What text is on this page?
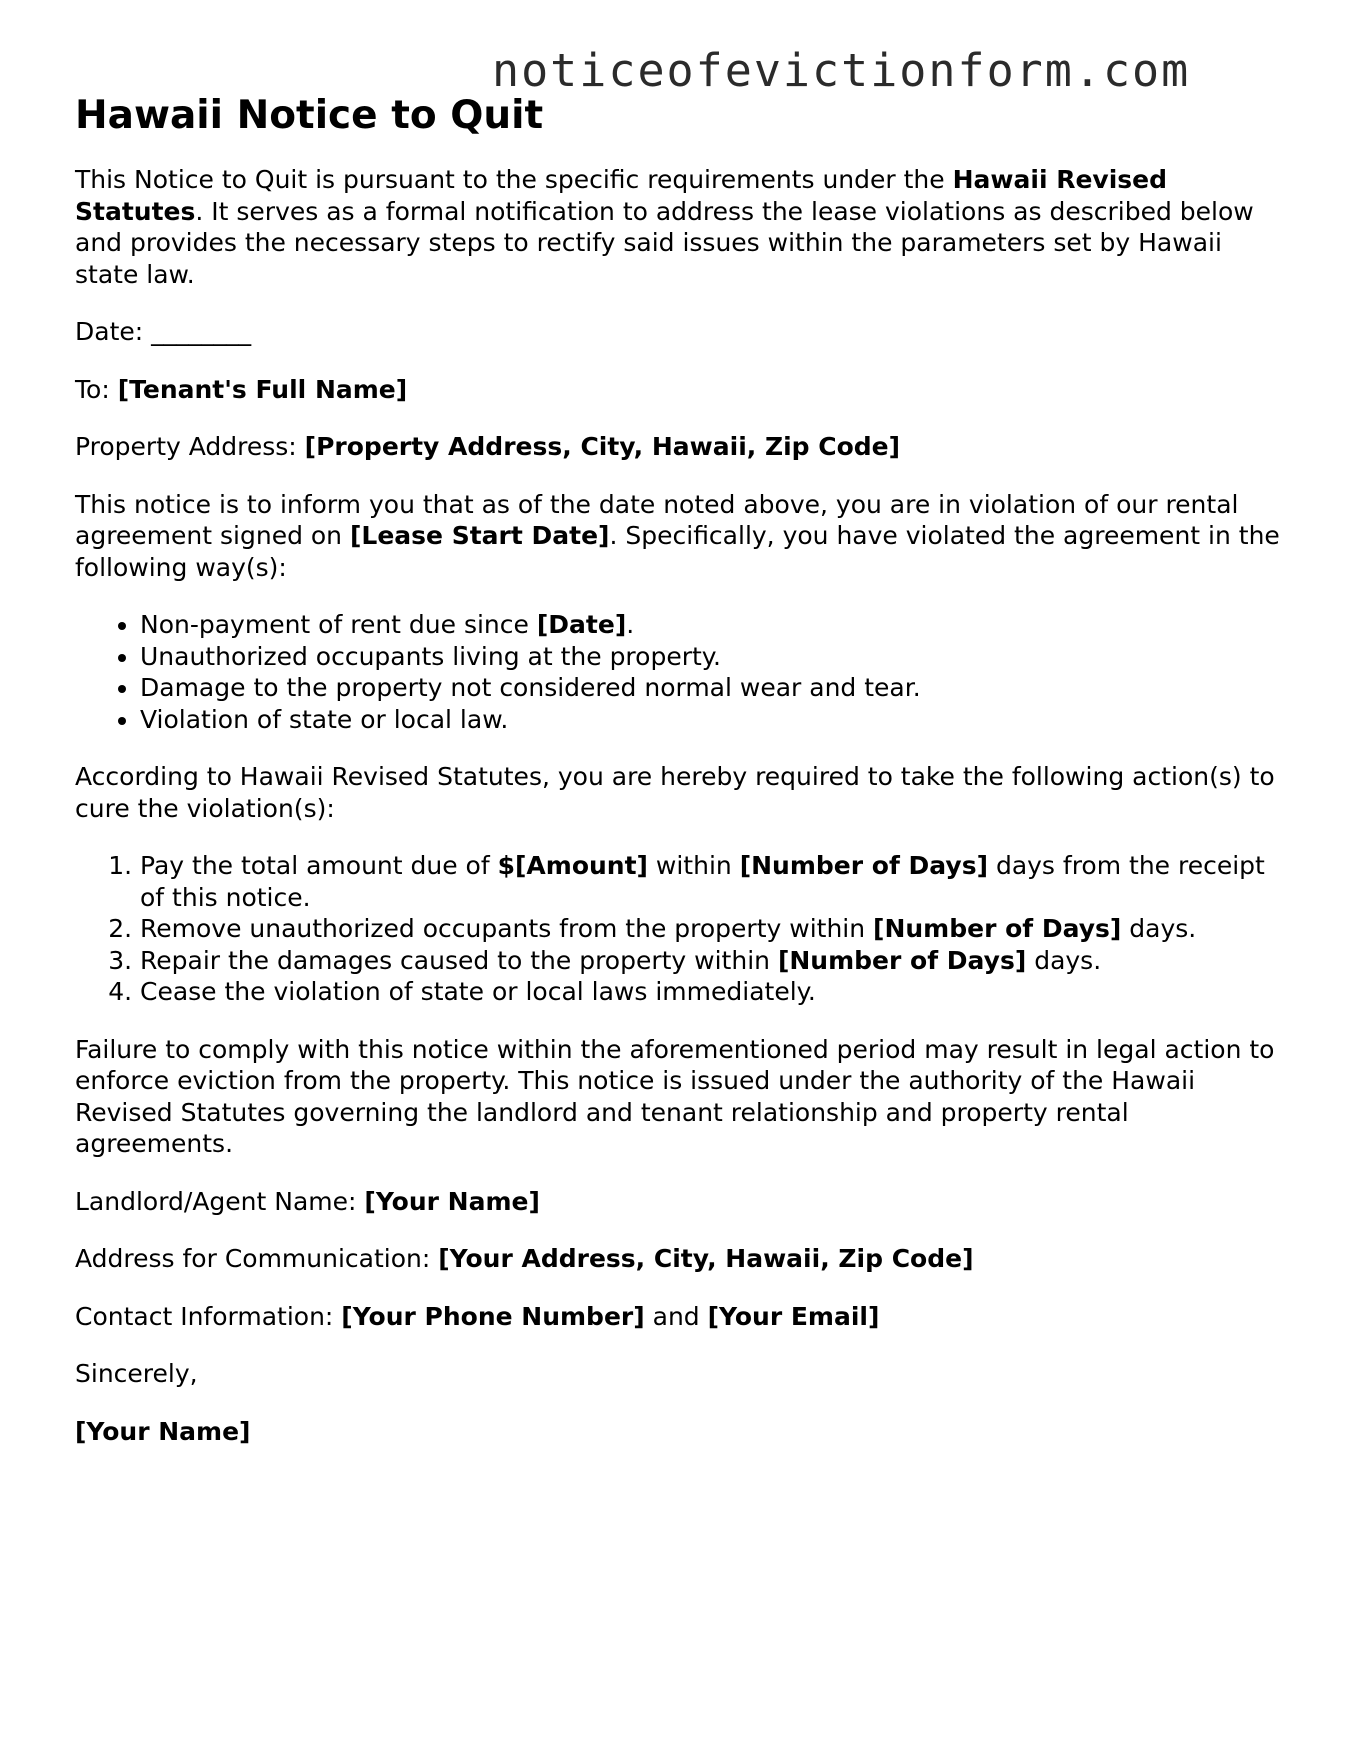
noticeofevictionform.com
Hawaii Notice to Quit

This Notice to Quit is pursuant to the specific requirements under the Hawaii Revised Statutes. It serves as a formal notification to address the lease violations as described below and provides the necessary steps to rectify said issues within the parameters set by Hawaii state law.

Date: ________

To: [Tenant's Full Name]

Property Address: [Property Address, City, Hawaii, Zip Code]

This notice is to inform you that as of the date noted above, you are in violation of our rental agreement signed on [Lease Start Date]. Specifically, you have violated the agreement in the following way(s):

• Non-payment of rent due since [Date].
• Unauthorized occupants living at the property.
• Damage to the property not considered normal wear and tear.
• Violation of state or local law.

According to Hawaii Revised Statutes, you are hereby required to take the following action(s) to cure the violation(s):

1. Pay the total amount due of $[Amount] within [Number of Days] days from the receipt of this notice.
2. Remove unauthorized occupants from the property within [Number of Days] days.
3. Repair the damages caused to the property within [Number of Days] days.
4. Cease the violation of state or local laws immediately.

Failure to comply with this notice within the aforementioned period may result in legal action to enforce eviction from the property. This notice is issued under the authority of the Hawaii Revised Statutes governing the landlord and tenant relationship and property rental agreements.

Landlord/Agent Name: [Your Name]

Address for Communication: [Your Address, City, Hawaii, Zip Code]

Contact Information: [Your Phone Number] and [Your Email]

Sincerely,

[Your Name]
